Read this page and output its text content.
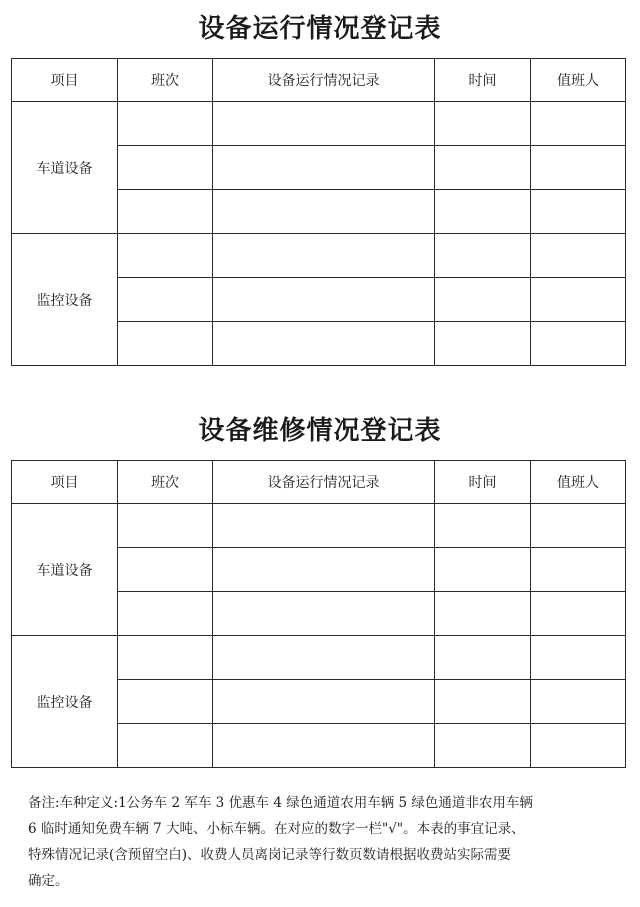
设备运行情况登记表
项目	班次	设备运行情况记录	时间	值班人
车道设备				

监控设备				

设备维修情况登记表
项目	班次	设备运行情况记录	时间	值班人
车道设备				

监控设备				

备注:车种定义:1公务车 2 军车 3 优惠车 4 绿色通道农用车辆 5 绿色通道非农用车辆
6 临时通知免费车辆 7 大吨、小标车辆。在对应的数字一栏"√"。本表的事宜记录、
特殊情况记录(含预留空白)、收费人员离岗记录等行数页数请根据收费站实际需要
确定。
